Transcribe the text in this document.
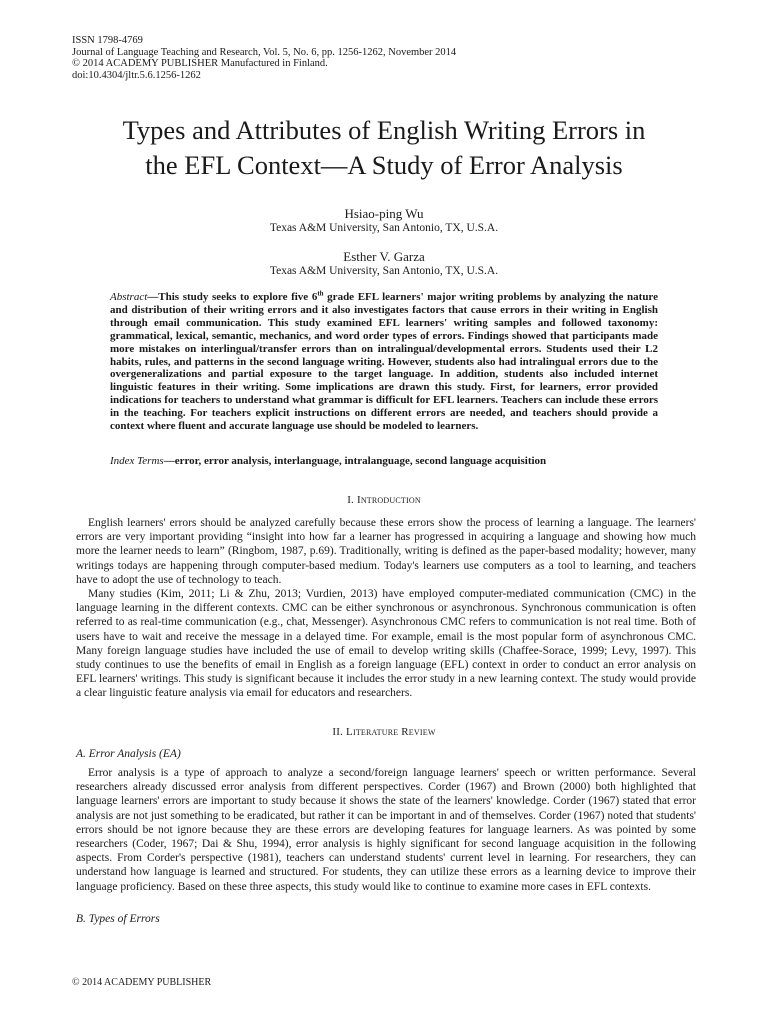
ISSN 1798-4769
Journal of Language Teaching and Research, Vol. 5, No. 6, pp. 1256-1262, November 2014
© 2014 ACADEMY PUBLISHER Manufactured in Finland.
doi:10.4304/jltr.5.6.1256-1262
Types and Attributes of English Writing Errors in
the EFL Context—A Study of Error Analysis
Hsiao-ping Wu
Texas A&M University, San Antonio, TX, U.S.A.
Esther V. Garza
Texas A&M University, San Antonio, TX, U.S.A.
Abstract—This study seeks to explore five 6th grade EFL learners' major writing problems by analyzing the nature and distribution of their writing errors and it also investigates factors that cause errors in their writing in English through email communication. This study examined EFL learners' writing samples and followed taxonomy: grammatical, lexical, semantic, mechanics, and word order types of errors. Findings showed that participants made more mistakes on interlingual/transfer errors than on intralingual/developmental errors. Students used their L2 habits, rules, and patterns in the second language writing. However, students also had intralingual errors due to the overgeneralizations and partial exposure to the target language. In addition, students also included internet linguistic features in their writing. Some implications are drawn this study. First, for learners, error provided indications for teachers to understand what grammar is difficult for EFL learners. Teachers can include these errors in the teaching. For teachers explicit instructions on different errors are needed, and teachers should provide a context where fluent and accurate language use should be modeled to learners.
Index Terms—error, error analysis, interlanguage, intralanguage, second language acquisition
I. Introduction

English learners' errors should be analyzed carefully because these errors show the process of learning a language. The learners' errors are very important providing “insight into how far a learner has progressed in acquiring a language and showing how much more the learner needs to learn” (Ringbom, 1987, p.69). Traditionally, writing is defined as the paper-based modality; however, many writings todays are happening through computer-based medium. Today's learners use computers as a tool to learning, and teachers have to adopt the use of technology to teach.

Many studies (Kim, 2011; Li & Zhu, 2013; Vurdien, 2013) have employed computer-mediated communication (CMC) in the language learning in the different contexts. CMC can be either synchronous or asynchronous. Synchronous communication is often referred to as real-time communication (e.g., chat, Messenger). Asynchronous CMC refers to communication is not real time. Both of users have to wait and receive the message in a delayed time. For example, email is the most popular form of asynchronous CMC. Many foreign language studies have included the use of email to develop writing skills (Chaffee-Sorace, 1999; Levy, 1997). This study continues to use the benefits of email in English as a foreign language (EFL) context in order to conduct an error analysis on EFL learners' writings. This study is significant because it includes the error study in a new learning context. The study would provide a clear linguistic feature analysis via email for educators and researchers.

II. Literature Review
A. Error Analysis (EA)

Error analysis is a type of approach to analyze a second/foreign language learners' speech or written performance. Several researchers already discussed error analysis from different perspectives. Corder (1967) and Brown (2000) both highlighted that language learners' errors are important to study because it shows the state of the learners' knowledge. Corder (1967) stated that error analysis are not just something to be eradicated, but rather it can be important in and of themselves. Corder (1967) noted that students' errors should be not ignore because they are these errors are developing features for language learners. As was pointed by some researchers (Coder, 1967; Dai & Shu, 1994), error analysis is highly significant for second language acquisition in the following aspects. From Corder's perspective (1981), teachers can understand students' current level in learning. For researchers, they can understand how language is learned and structured. For students, they can utilize these errors as a learning device to improve their language proficiency. Based on these three aspects, this study would like to continue to examine more cases in EFL contexts.

B. Types of Errors
© 2014 ACADEMY PUBLISHER
